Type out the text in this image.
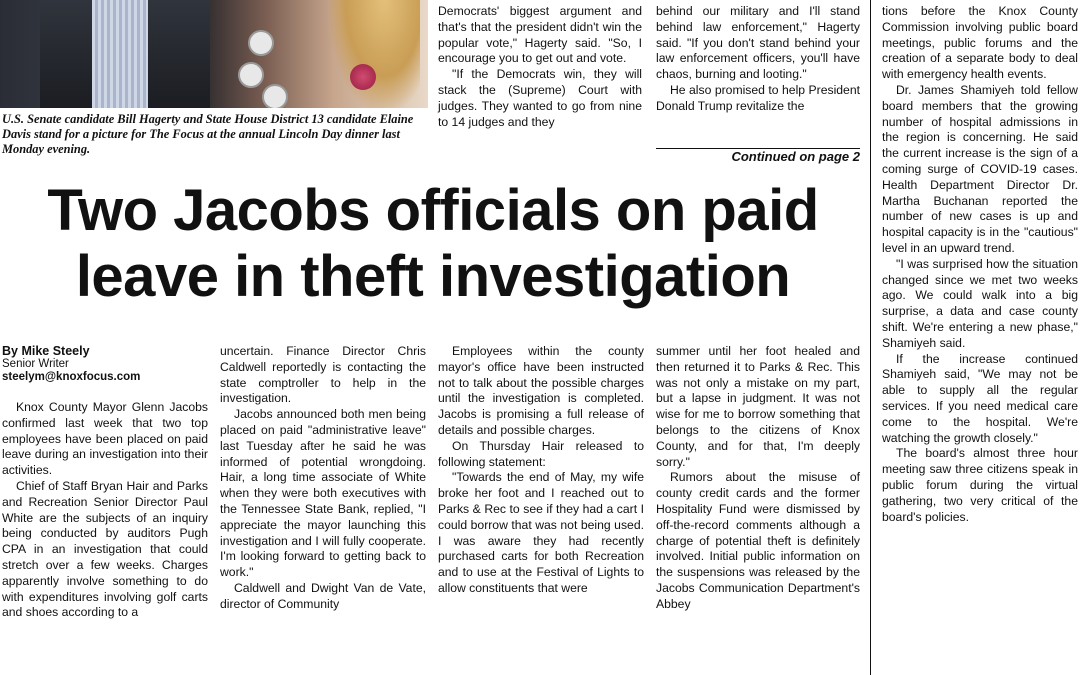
U.S. Senate candidate Bill Hagerty and State House District 13 candidate Elaine Davis stand for a picture for The Focus at the annual Lincoln Day dinner last Monday evening.

Democrats' biggest argument and that's that the president didn't win the popular vote," Hagerty said. "So, I encourage you to get out and vote.

"If the Democrats win, they will stack the (Supreme) Court with judges. They wanted to go from nine to 14 judges and they

behind our military and I'll stand behind law enforcement," Hagerty said. "If you don't stand behind your law enforcement officers, you'll have chaos, burning and looting."

He also promised to help President Donald Trump revitalize the

Continued on page 2

tions before the Knox County Commission involving public board meetings, public forums and the creation of a separate body to deal with emergency health events.

Dr. James Shamiyeh told fellow board members that the growing number of hospital admissions in the region is concerning. He said the current increase is the sign of a coming surge of COVID-19 cases. Health Department Director Dr. Martha Buchanan reported the number of new cases is up and hospital capacity is in the "cautious" level in an upward trend.

"I was surprised how the situation changed since we met two weeks ago. We could walk into a big surprise, a data and case county shift. We're entering a new phase," Shamiyeh said.

If the increase continued Shamiyeh said, "We may not be able to supply all the regular services. If you need medical care come to the hospital. We're watching the growth closely."

The board's almost three hour meeting saw three citizens speak in public forum during the virtual gathering, two very critical of the board's policies.

Two Jacobs officials on paid
leave in theft investigation
By Mike Steely
Senior Writer
steelym@knoxfocus.com

Knox County Mayor Glenn Jacobs confirmed last week that two top employees have been placed on paid leave during an investigation into their activities.

Chief of Staff Bryan Hair and Parks and Recreation Senior Director Paul White are the subjects of an inquiry being conducted by auditors Pugh CPA in an investigation that could stretch over a few weeks. Charges apparently involve something to do with expenditures involving golf carts and shoes according to a

uncertain. Finance Director Chris Caldwell reportedly is contacting the state comptroller to help in the investigation.

Jacobs announced both men being placed on paid "administrative leave" last Tuesday after he said he was informed of potential wrongdoing. Hair, a long time associate of White when they were both executives with the Tennessee State Bank, replied, "I appreciate the mayor launching this investigation and I will fully cooperate. I'm looking forward to getting back to work."

Caldwell and Dwight Van de Vate, director of Community

Employees within the county mayor's office have been instructed not to talk about the possible charges until the investigation is completed. Jacobs is promising a full release of details and possible charges.

On Thursday Hair released to following statement:

"Towards the end of May, my wife broke her foot and I reached out to Parks & Rec to see if they had a cart I could borrow that was not being used. I was aware they had recently purchased carts for both Recreation and to use at the Festival of Lights to allow constituents that were

summer until her foot healed and then returned it to Parks & Rec. This was not only a mistake on my part, but a lapse in judgment. It was not wise for me to borrow something that belongs to the citizens of Knox County, and for that, I'm deeply sorry."

Rumors about the misuse of county credit cards and the former Hospitality Fund were dismissed by off-the-record comments although a charge of potential theft is definitely involved. Initial public information on the suspensions was released by the Jacobs Communication Department's Abbey
